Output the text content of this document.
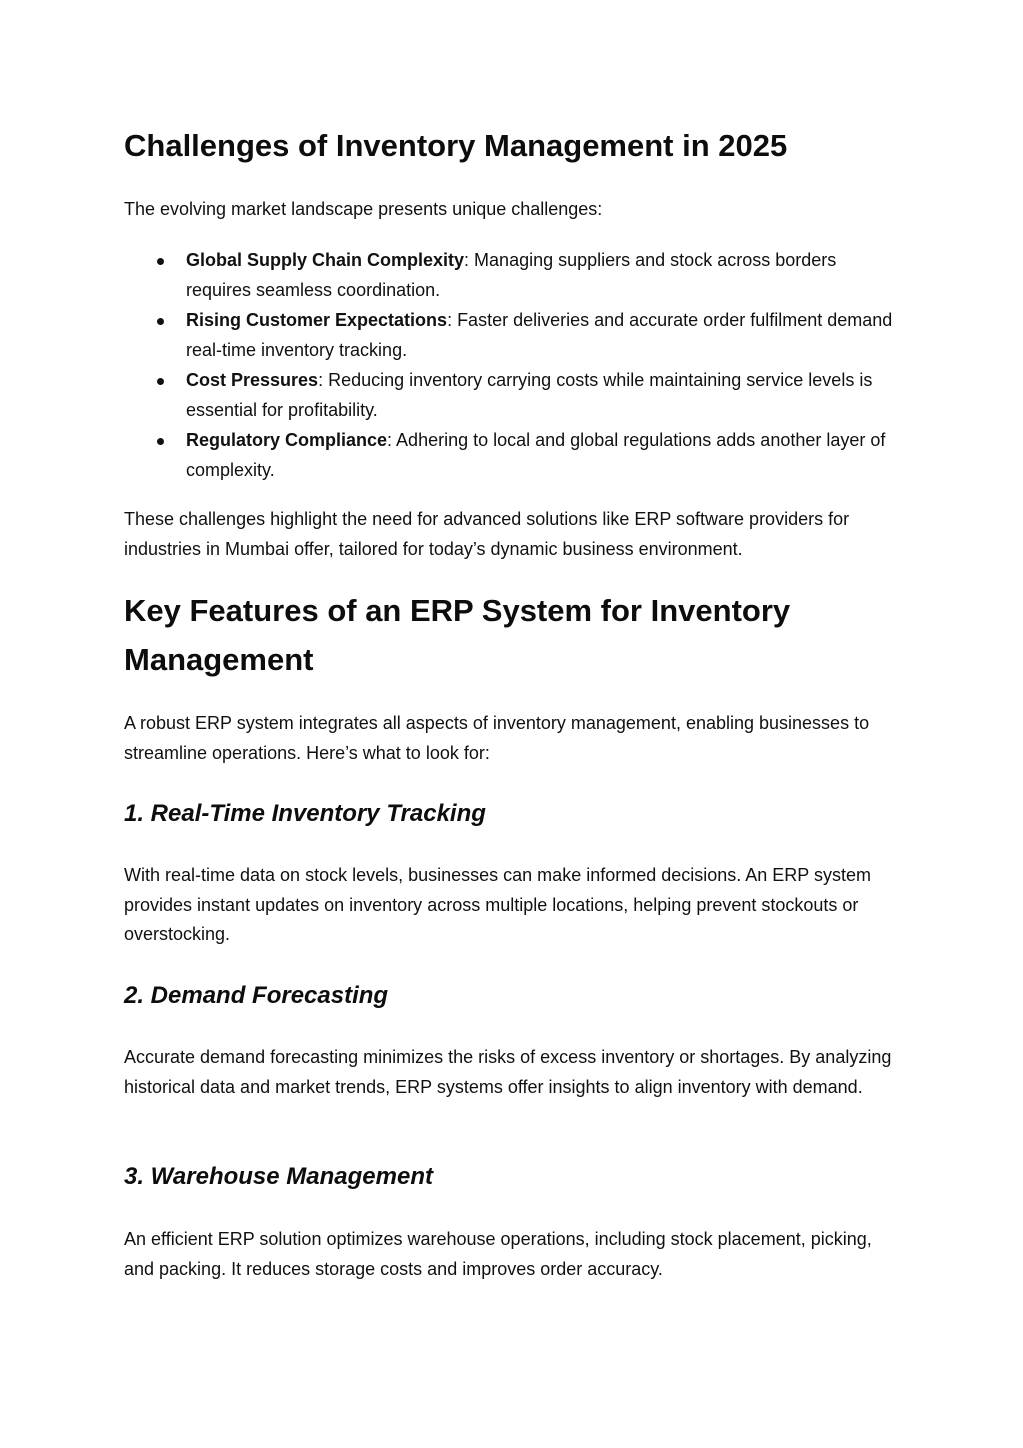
Challenges of Inventory Management in 2025

The evolving market landscape presents unique challenges:

Global Supply Chain Complexity: Managing suppliers and stock across borders requires seamless coordination.
Rising Customer Expectations: Faster deliveries and accurate order fulfilment demand real-time inventory tracking.
Cost Pressures: Reducing inventory carrying costs while maintaining service levels is essential for profitability.
Regulatory Compliance: Adhering to local and global regulations adds another layer of complexity.

These challenges highlight the need for advanced solutions like ERP software providers for industries in Mumbai offer, tailored for today’s dynamic business environment.

Key Features of an ERP System for Inventory Management

A robust ERP system integrates all aspects of inventory management, enabling businesses to streamline operations. Here’s what to look for:

1. Real-Time Inventory Tracking

With real-time data on stock levels, businesses can make informed decisions. An ERP system provides instant updates on inventory across multiple locations, helping prevent stockouts or overstocking.

2. Demand Forecasting

Accurate demand forecasting minimizes the risks of excess inventory or shortages. By analyzing historical data and market trends, ERP systems offer insights to align inventory with demand.

3. Warehouse Management

An efficient ERP solution optimizes warehouse operations, including stock placement, picking, and packing. It reduces storage costs and improves order accuracy.
